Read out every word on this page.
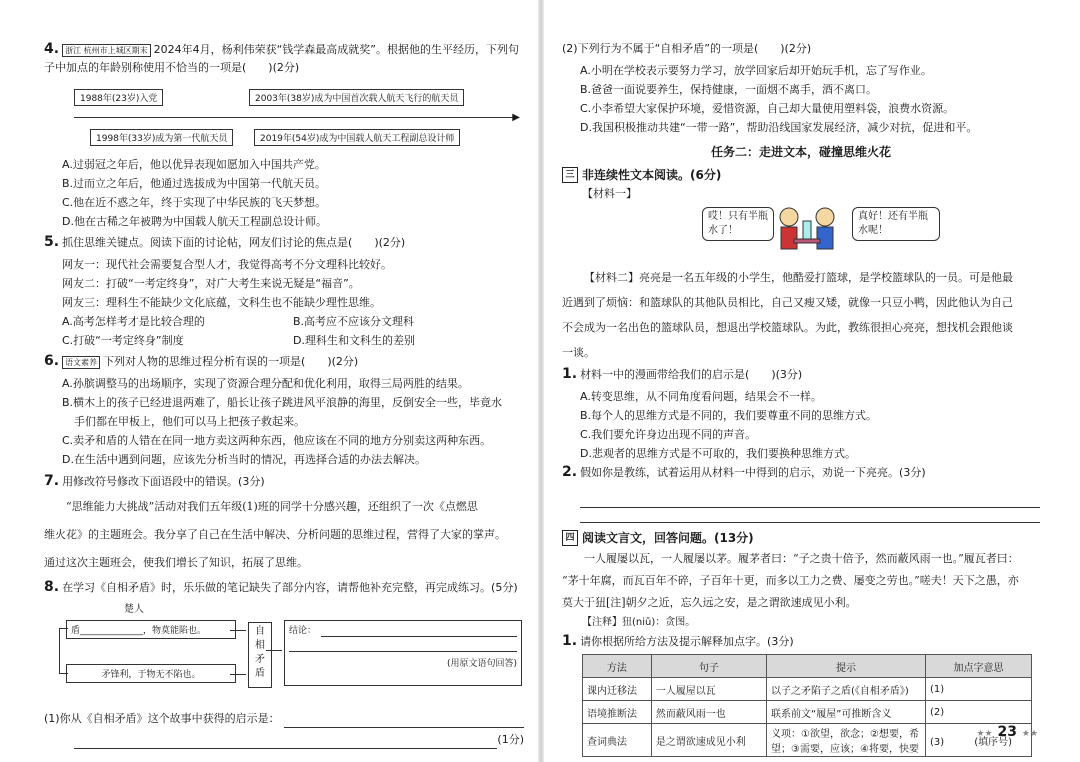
4. 浙江 杭州市上城区期末 2024年4月，杨利伟荣获“钱学森最高成就奖”。根据他的生平经历，下列句子中加点的年龄别称使用不恰当的一项是(　　)(2分)
▶
1988年(23岁)入党	2003年(38岁)成为中国首次载人航天飞行的航天员
1998年(33岁)成为第一代航天员	2019年(54岁)成为中国载人航天工程副总设计师
A.过弱冠之年后，他以优异表现如愿加入中国共产党。
B.过而立之年后，他通过选拔成为中国第一代航天员。
C.他在近不惑之年，终于实现了中华民族的飞天梦想。
D.他在古稀之年被聘为中国载人航天工程副总设计师。
5. 抓住思维关键点。阅读下面的讨论帖，网友们讨论的焦点是(　　)(2分)
网友一：现代社会需要复合型人才，我觉得高考不分文理科比较好。
网友二：打破“一考定终身”，对广大考生来说无疑是“福音”。
网友三：理科生不能缺少文化底蕴，文科生也不能缺少理性思维。
A.高考怎样考才是比较合理的	B.高考应不应该分文理科
C.打破“一考定终身”制度	D.理科生和文科生的差别
6. 语文素养 下列对人物的思维过程分析有误的一项是(　　)(2分)
A.孙膑调整马的出场顺序，实现了资源合理分配和优化利用，取得三局两胜的结果。
B.横木上的孩子已经进退两难了，船长让孩子跳进风平浪静的海里，反倒安全一些，毕竟水
手们都在甲板上，他们可以马上把孩子救起来。
C.卖矛和盾的人错在在同一地方卖这两种东西，他应该在不同的地方分别卖这两种东西。
D.在生活中遇到问题，应该先分析当时的情况，再选择合适的办法去解决。
7. 用修改符号修改下面语段中的错误。(3分)

“思维能力大挑战”活动对我们五年级(1)班的同学十分感兴趣，还组织了一次《点燃思

维火花》的主题班会。我分享了自己在生活中解决、分析问题的思维过程，营得了大家的掌声。

通过这次主题班会，使我们增长了知识，拓展了思维。

8. 在学习《自相矛盾》时，乐乐做的笔记缺失了部分内容，请帮他补充完整，再完成练习。(5分)
楚人
盾______________，物莫能陷也。
矛锋利，于物无不陷也。
自相矛盾
结论：
(用原文语句回答)
(1)你从《自相矛盾》这个故事中获得的启示是：
(1分)
(2)下列行为不属于“自相矛盾”的一项是(　　)(2分)
A.小明在学校表示要努力学习，放学回家后却开始玩手机，忘了写作业。
B.爸爸一面说要养生，保持健康，一面烟不离手，酒不离口。
C.小李希望大家保护环境，爱惜资源，自己却大量使用塑料袋，浪费水资源。
D.我国积极推动共建“一带一路”，帮助沿线国家发展经济，减少对抗，促进和平。
任务二：走进文本，碰撞思维火花
三 非连续性文本阅读。(6分)
【材料一】
哎！只有半瓶水了！
真好！还有半瓶水呢！

【材料二】亮亮是一名五年级的小学生，他酷爱打篮球，是学校篮球队的一员。可是他最

近遇到了烦恼：和篮球队的其他队员相比，自己又瘦又矮，就像一只豆小鸭，因此他认为自己

不会成为一名出色的篮球队员，想退出学校篮球队。为此，教练很担心亮亮，想找机会跟他谈

一谈。

1. 材料一中的漫画带给我们的启示是(　　)(3分)
A.转变思维，从不同角度看问题，结果会不一样。
B.每个人的思维方式是不同的，我们要尊重不同的思维方式。
C.我们要允许身边出现不同的声音。
D.悲观者的思维方式是不可取的，我们要换种思维方式。
2. 假如你是教练，试着运用从材料一中得到的启示，劝说一下亮亮。(3分)
四 阅读文言文，回答问题。(13分)

一人履屡以瓦，一人履屡以茅。履茅者曰：“子之贵十倍予，然而蔽风雨一也。”履瓦者曰：

“茅十年腐，而瓦百年不碎，子百年十更，而多以工力之费、屡变之劳也。”嗟夫！天下之愚，亦

莫大于狃[注]朝夕之近，忘久远之安，是之谓欲速成见小利。

【注释】狃(niǔ)：贪图。
1. 请你根据所给方法及提示解释加点字。(3分)
方法	句子	提示	加点字意思
课内迁移法	一人履屋以瓦	以子之矛陷子之盾(《自相矛盾》)	(1)
语境推断法	然而蔽风雨一也	联系前文“履屋”可推断含义	(2)
查词典法	是之谓欲速成见小利	义项：①欲望，欲念；②想要，希望；③需要，应该；④将要，快要	(3)　　　(填序号)
★★ 23 ★★
